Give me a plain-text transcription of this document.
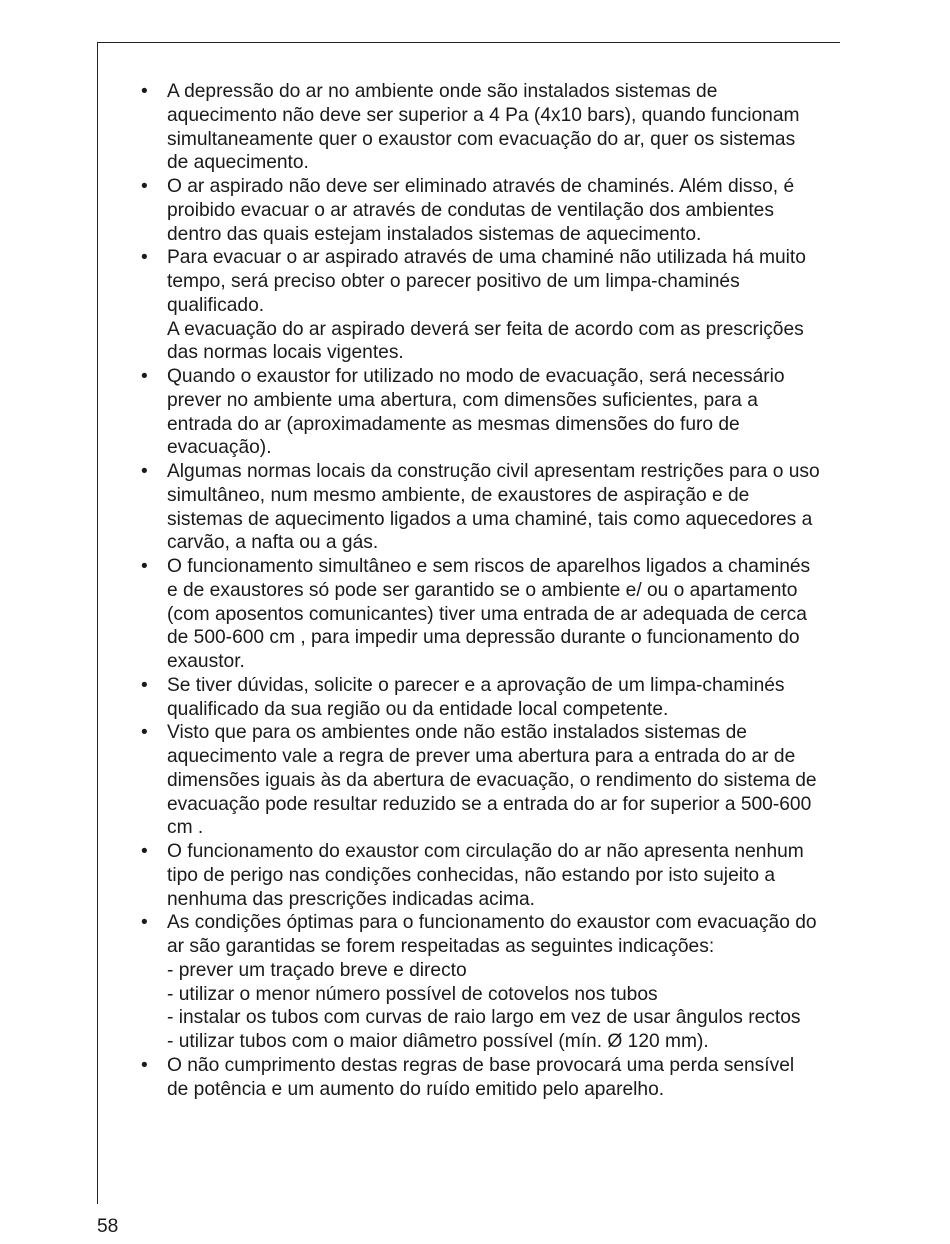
• A depressão do ar no ambiente onde são instalados sistemas de aquecimento não deve ser superior a 4 Pa (4x10 bars), quando funcionam simultaneamente quer o exaustor com evacuação do ar, quer os sistemas de aquecimento.
• O ar aspirado não deve ser eliminado através de chaminés. Além disso, é proibido evacuar o ar através de condutas de ventilação dos ambientes dentro das quais estejam instalados sistemas de aquecimento.
• Para evacuar o ar aspirado através de uma chaminé não utilizada há muito tempo, será preciso obter o parecer positivo de um limpa-chaminés qualificado.
A evacuação do ar aspirado deverá ser feita de acordo com as prescrições das normas locais vigentes.
• Quando o exaustor for utilizado no modo de evacuação, será necessário prever no ambiente uma abertura, com dimensões suficientes, para a entrada do ar (aproximadamente as mesmas dimensões do furo de evacuação).
• Algumas normas locais da construção civil apresentam restrições para o uso simultâneo, num mesmo ambiente, de exaustores de aspiração e de sistemas de aquecimento ligados a uma chaminé, tais como aquecedores a carvão, a nafta ou a gás.
• O funcionamento simultâneo e sem riscos de aparelhos ligados a chaminés e de exaustores só pode ser garantido se o ambiente e/ ou o apartamento (com aposentos comunicantes) tiver uma entrada de ar adequada de cerca de 500-600 cm , para impedir uma depressão durante o funcionamento do exaustor.
• Se tiver dúvidas, solicite o parecer e a aprovação de um limpa-chaminés qualificado da sua região ou da entidade local competente.
• Visto que para os ambientes onde não estão instalados sistemas de aquecimento vale a regra de prever uma abertura para a entrada do ar de dimensões iguais às da abertura de evacuação, o rendimento do sistema de evacuação pode resultar reduzido se a entrada do ar for superior a 500-600 cm .
• O funcionamento do exaustor com circulação do ar não apresenta nenhum tipo de perigo nas condições conhecidas, não estando por isto sujeito a nenhuma das prescrições indicadas acima.
• As condições óptimas para o funcionamento do exaustor com evacuação do ar são garantidas se forem respeitadas as seguintes indicações:
- prever um traçado breve e directo
- utilizar o menor número possível de cotovelos nos tubos
- instalar os tubos com curvas de raio largo em vez de usar ângulos rectos
- utilizar tubos com o maior diâmetro possível (mín. Ø 120 mm).
• O não cumprimento destas regras de base provocará uma perda sensível de potência e um aumento do ruído emitido pelo aparelho.
58
